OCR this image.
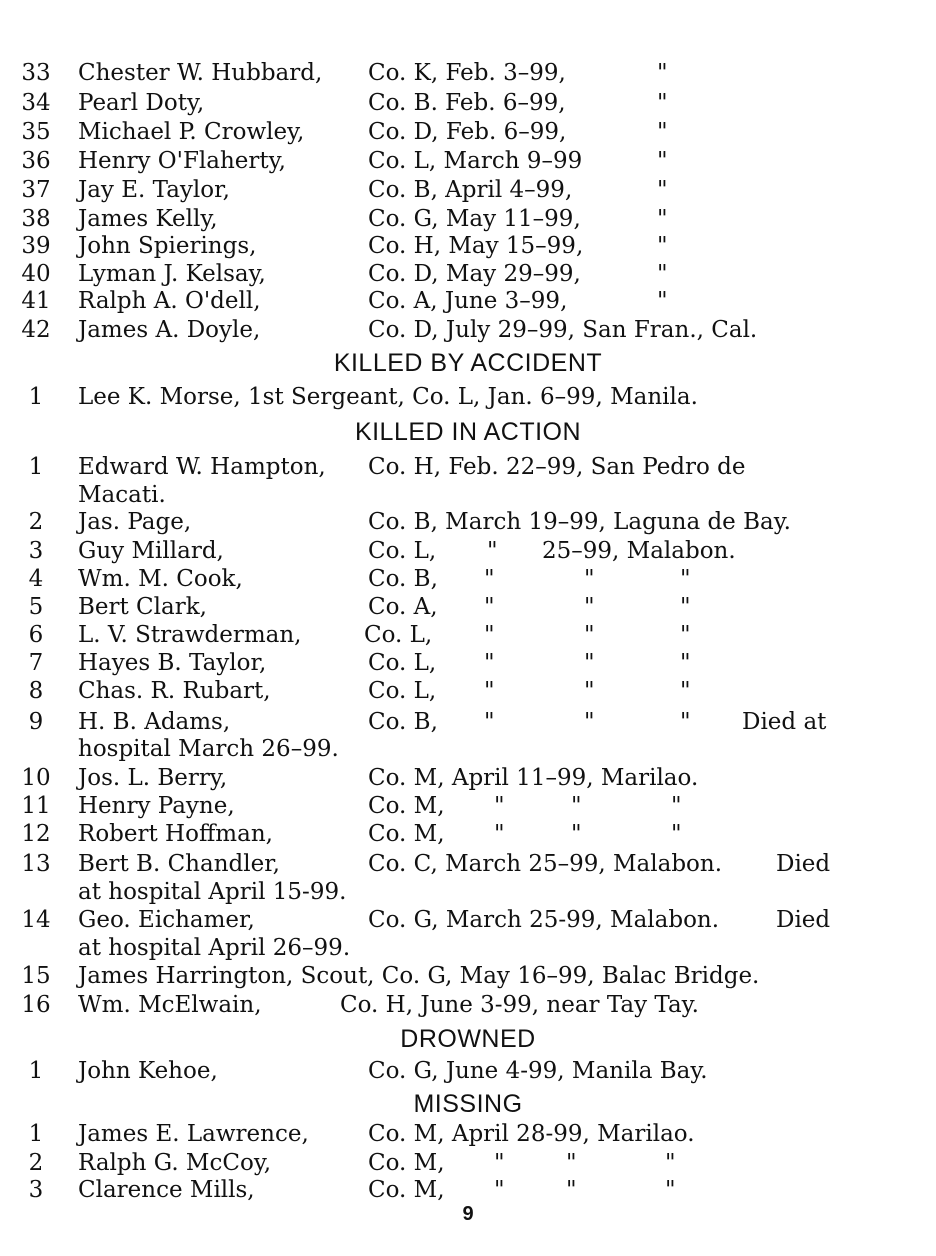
33	Chester W. Hubbard, Co. K, Feb. 3–99,	"
34	Pearl Doty,	Co. B. Feb. 6–99,	"
35	Michael P. Crowley,	Co. D, Feb. 6–99,	"
36	Henry O'Flaherty,	Co. L, March 9–99	"
37	Jay E. Taylor,	Co. B, April 4–99,	"
38	James Kelly,	Co. G, May 11–99,	"
39	John Spierings,	Co. H, May 15–99,	"
40	Lyman J. Kelsay,	Co. D, May 29–99,	"
41	Ralph A. O'dell,	Co. A, June 3–99,	"
42	James A. Doyle,	Co. D, July 29–99, San Fran., Cal.
KILLED BY ACCIDENT
1	Lee K. Morse, 1st Sergeant, Co. L, Jan. 6–99, Manila.
KILLED IN ACTION
1	Edward W. Hampton, Co. H, Feb. 22–99, San Pedro de
Macati.
2	Jas. Page,	Co. B, March 19–99, Laguna de Bay.
3	Guy Millard,	Co. L, " 25–99, Malabon.
4	Wm. M. Cook,	Co. B, "	"	"
5	Bert Clark,	Co. A, "	"	"
6	L. V. Strawderman,	Co. L, "	"	"
7	Hayes B. Taylor,	Co. L, "	"	"
8	Chas. R. Rubart,	Co. L, "	"	"
9	H. B. Adams,	Co. B, "	"	" Died at
hospital March 26–99.
10	Jos. L. Berry,	Co. M, April 11–99, Marilao.
11	Henry Payne,	Co. M, "	"	"
12	Robert Hoffman,	Co. M, "	"	"
13	Bert B. Chandler,	Co. C, March 25–99, Malabon. Died
at hospital April 15-99.
14	Geo. Eichamer,	Co. G, March 25-99, Malabon. Died
at hospital April 26–99.
15	James Harrington, Scout, Co. G, May 16–99, Balac Bridge.
16	Wm. McElwain,	Co. H, June 3-99, near Tay Tay.
DROWNED
1	John Kehoe,	Co. G, June 4-99, Manila Bay.
MISSING
1	James E. Lawrence,	Co. M, April 28-99, Marilao.
2	Ralph G. McCoy,	Co. M, "	"	"
3	Clarence Mills,	Co. M, "	"	"
9
